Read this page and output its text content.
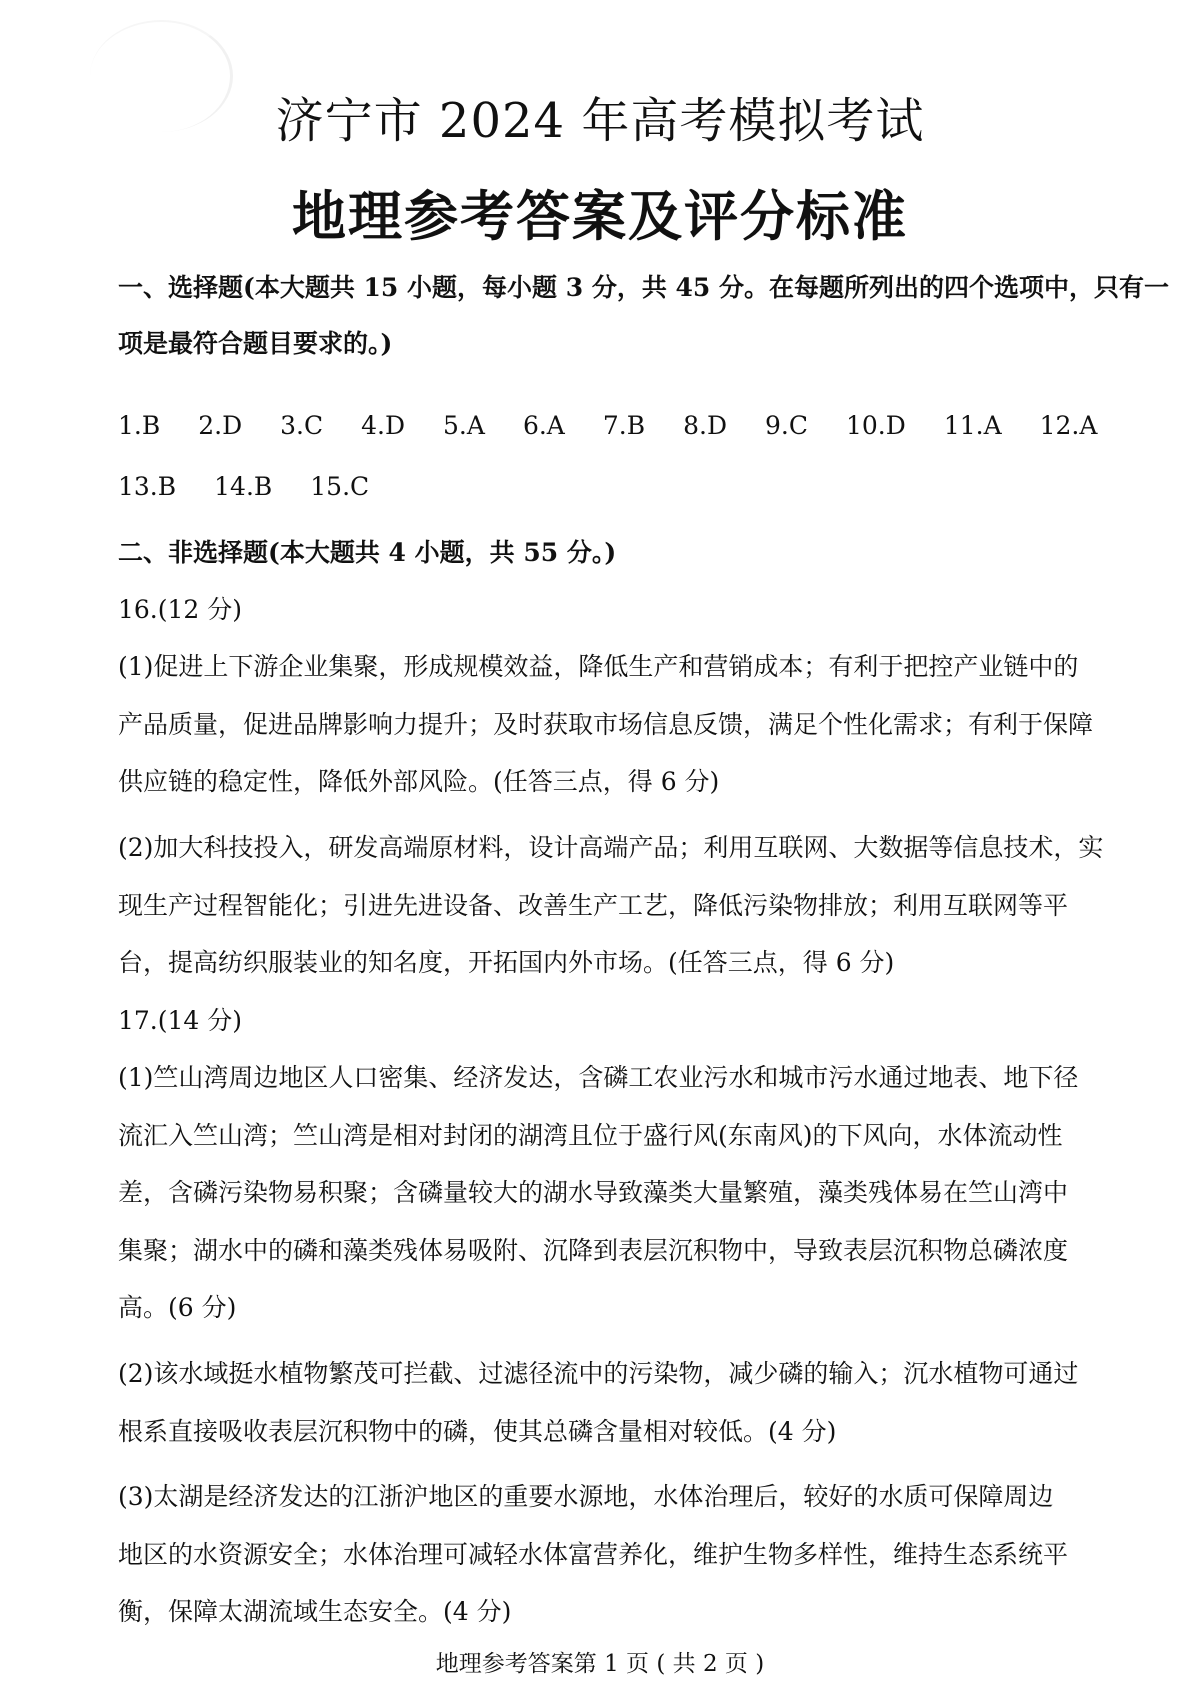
济宁市 2024 年高考模拟考试
地理参考答案及评分标准
一、选择题(本大题共 15 小题，每小题 3 分，共 45 分。在每题所列出的四个选项中，只有一
项是最符合题目要求的。)
1.B 2.D 3.C 4.D 5.A 6.A 7.B 8.D 9.C 10.D 11.A 12.A
13.B 14.B 15.C
二、非选择题(本大题共 4 小题，共 55 分。)
16.(12 分)
(1)促进上下游企业集聚，形成规模效益，降低生产和营销成本；有利于把控产业链中的
产品质量，促进品牌影响力提升；及时获取市场信息反馈，满足个性化需求；有利于保障
供应链的稳定性，降低外部风险。(任答三点，得 6 分)
(2)加大科技投入，研发高端原材料，设计高端产品；利用互联网、大数据等信息技术，实
现生产过程智能化；引进先进设备、改善生产工艺，降低污染物排放；利用互联网等平
台，提高纺织服装业的知名度，开拓国内外市场。(任答三点，得 6 分)
17.(14 分)
(1)竺山湾周边地区人口密集、经济发达，含磷工农业污水和城市污水通过地表、地下径
流汇入竺山湾；竺山湾是相对封闭的湖湾且位于盛行风(东南风)的下风向，水体流动性
差，含磷污染物易积聚；含磷量较大的湖水导致藻类大量繁殖，藻类残体易在竺山湾中
集聚；湖水中的磷和藻类残体易吸附、沉降到表层沉积物中，导致表层沉积物总磷浓度
高。(6 分)
(2)该水域挺水植物繁茂可拦截、过滤径流中的污染物，减少磷的输入；沉水植物可通过
根系直接吸收表层沉积物中的磷，使其总磷含量相对较低。(4 分)
(3)太湖是经济发达的江浙沪地区的重要水源地，水体治理后，较好的水质可保障周边
地区的水资源安全；水体治理可减轻水体富营养化，维护生物多样性，维持生态系统平
衡，保障太湖流域生态安全。(4 分)
地理参考答案第 1 页 ( 共 2 页 )
